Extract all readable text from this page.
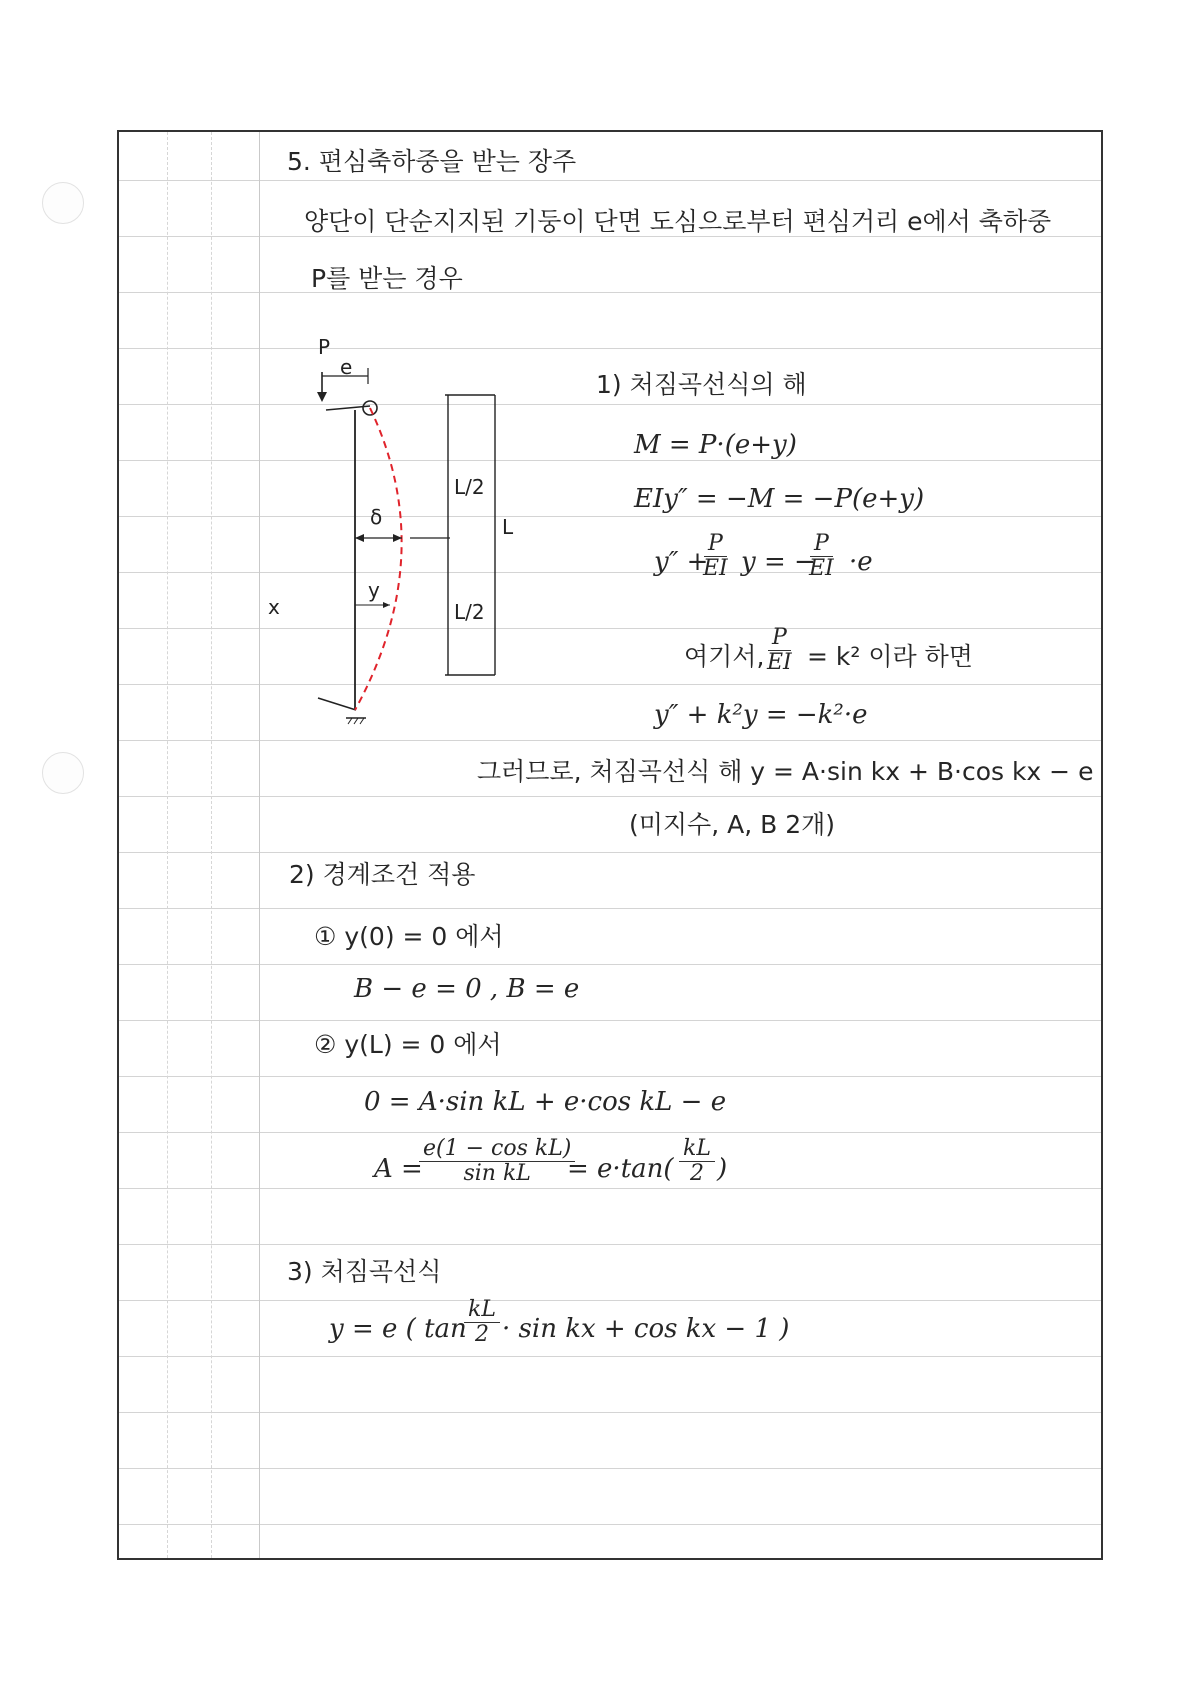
5. 편심축하중을 받는 장주
양단이 단순지지된 기둥이 단면 도심으로부터 편심거리 e에서 축하중
P를 받는 경우
1) 처짐곡선식의 해
M = P·(e+y)
EIy″ = −M = −P(e+y)
y″ +
$\frac{P}{EI}$ y = −
$\frac{P}{EI} \cdot e$
여기서,
$\frac{P}{EI} = k^2$ 이라 하면
y″ + k²y = −k²·e
그러므로, 처짐곡선식 해 y = A·sin kx + B·cos kx − e
(미지수, A, B 2개)
2) 경계조건 적용
① y(0) = 0 에서
B − e = 0 , B = e
② y(L) = 0 에서
0 = A·sin kL + e·cos kL − e
A =
$\frac{\text{e(1 − cos kL)}}{\text{sin kL}}$
= $e\cdot\tan( \frac{kL}{2}$ )
3) 처짐곡선식
y = e ( tan
$\frac{kL}{2} \cdot \sin$ kx + cos kx − 1 )
P
e
δ
y
x
L/2
L/2
L
